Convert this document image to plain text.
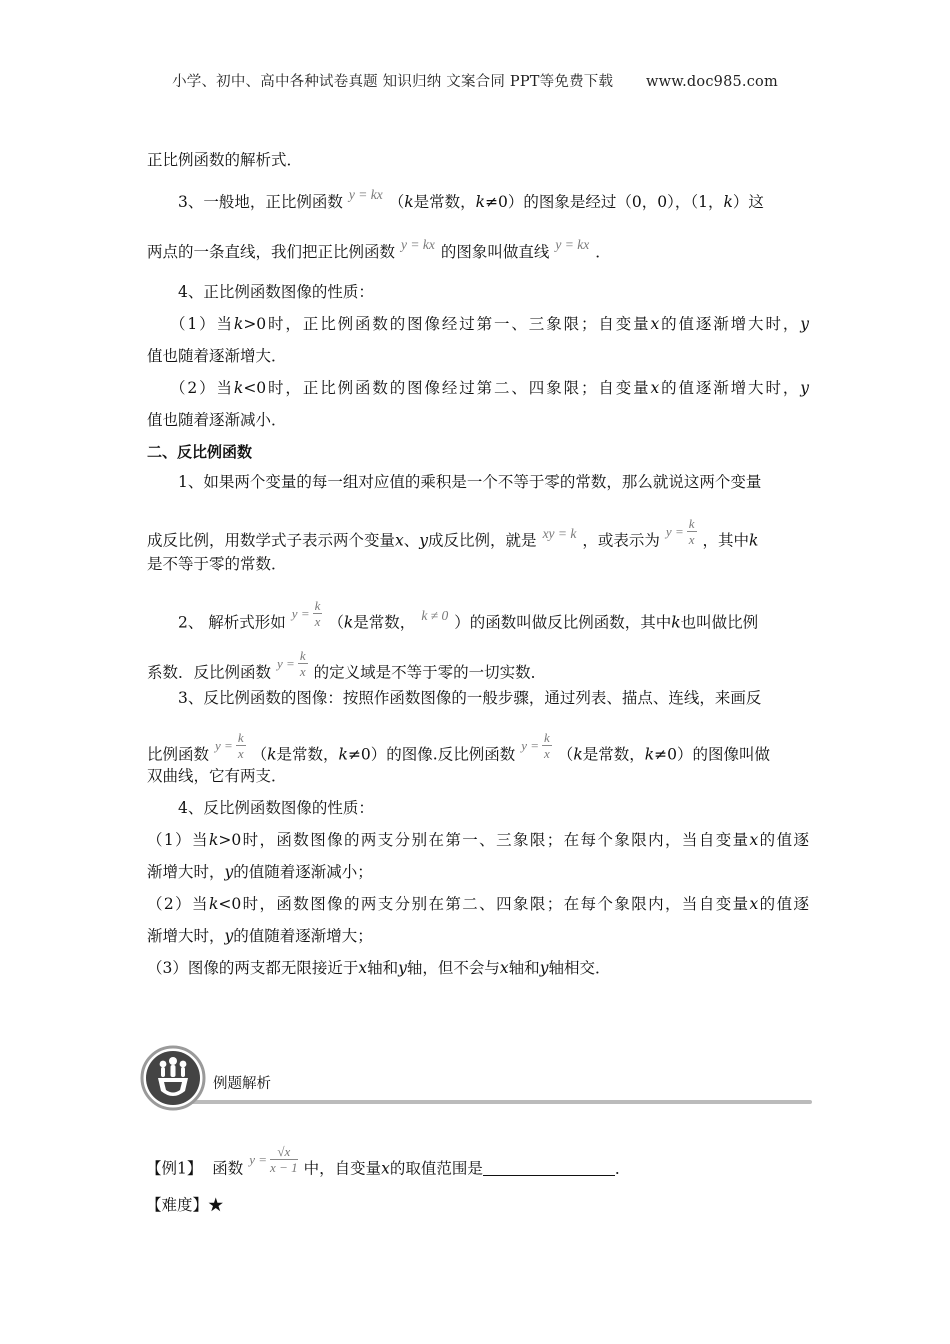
小学、初中、高中各种试卷真题 知识归纳 文案合同 PPT等免费下载 www.doc985.com
正比例函数的解析式．
3、一般地，正比例函数 y = kx （k是常数，k≠0）的图象是经过（0，0），（1，k）这
两点的一条直线，我们把正比例函数 y = kx 的图象叫做直线 y = kx ．
4、正比例函数图像的性质：
（1）当k>0时，正比例函数的图像经过第一、三象限；自变量x的值逐渐增大时，y
值也随着逐渐增大．
（2）当k<0时，正比例函数的图像经过第二、四象限；自变量x的值逐渐增大时，y
值也随着逐渐减小．
二、反比例函数
1、如果两个变量的每一组对应值的乘积是一个不等于零的常数，那么就说这两个变量
成反比例，用数学式子表示两个变量x、y成反比例，就是 xy = k ，或表示为$y = \frac{k}{x}$ ，其中k
是不等于零的常数．
2、 解析式形如$y = \frac{k}{x} (k$是常数， k ≠ 0 ）的函数叫做反比例函数，其中k也叫做比例
系数．反比例函数$y = \frac{k}{x}$ 的定义域是不等于零的一切实数．
3、反比例函数的图像：按照作函数图像的一般步骤，通过列表、描点、连线，来画反
比例函数$y = \frac{k}{x} (k$是常数，k≠0）的图像.反比例函数$y = \frac{k}{x} (k$是常数，k≠0）的图像叫做
双曲线，它有两支．
4、反比例函数图像的性质：
（1）当k>0时，函数图像的两支分别在第一、三象限；在每个象限内，当自变量x的值逐
渐增大时，y的值随着逐渐减小；
（2）当k<0时，函数图像的两支分别在第二、四象限；在每个象限内，当自变量x的值逐
渐增大时，y的值随着逐渐增大；
（3）图像的两支都无限接近于x轴和y轴，但不会与x轴和y轴相交．
例题解析
【例1】 函数$y = \frac{√x}{x - 1}$ 中，自变量x的取值范围是	．
【难度】★
